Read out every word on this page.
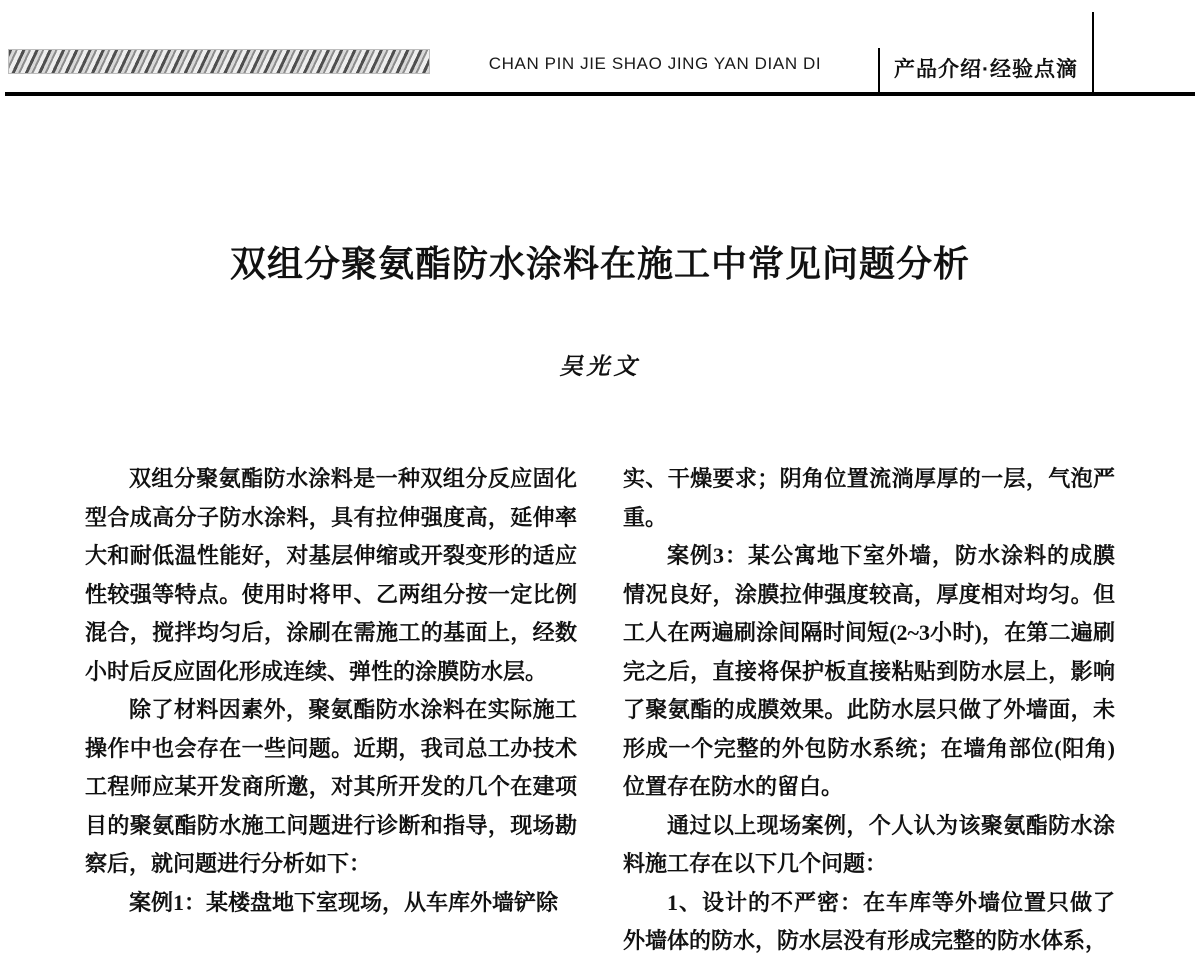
CHAN PIN JIE SHAO JING YAN DIAN DI	产品介绍·经验点滴
双组分聚氨酯防水涂料在施工中常见问题分析
吴光文

双组分聚氨酯防水涂料是一种双组分反应固化型合成高分子防水涂料，具有拉伸强度高，延伸率大和耐低温性能好，对基层伸缩或开裂变形的适应性较强等特点。使用时将甲、乙两组分按一定比例混合，搅拌均匀后，涂刷在需施工的基面上，经数小时后反应固化形成连续、弹性的涂膜防水层。

除了材料因素外，聚氨酯防水涂料在实际施工操作中也会存在一些问题。近期，我司总工办技术工程师应某开发商所邀，对其所开发的几个在建项目的聚氨酯防水施工问题进行诊断和指导，现场勘察后，就问题进行分析如下：

案例1：某楼盘地下室现场，从车库外墙铲除

实、干燥要求；阴角位置流淌厚厚的一层，气泡严重。

案例3：某公寓地下室外墙，防水涂料的成膜情况良好，涂膜拉伸强度较高，厚度相对均匀。但工人在两遍刷涂间隔时间短(2~3小时)，在第二遍刷完之后，直接将保护板直接粘贴到防水层上，影响了聚氨酯的成膜效果。此防水层只做了外墙面，未形成一个完整的外包防水系统；在墙角部位(阳角)位置存在防水的留白。

通过以上现场案例，个人认为该聚氨酯防水涂料施工存在以下几个问题：

1、设计的不严密：在车库等外墙位置只做了外墙体的防水，防水层没有形成完整的防水体系，
